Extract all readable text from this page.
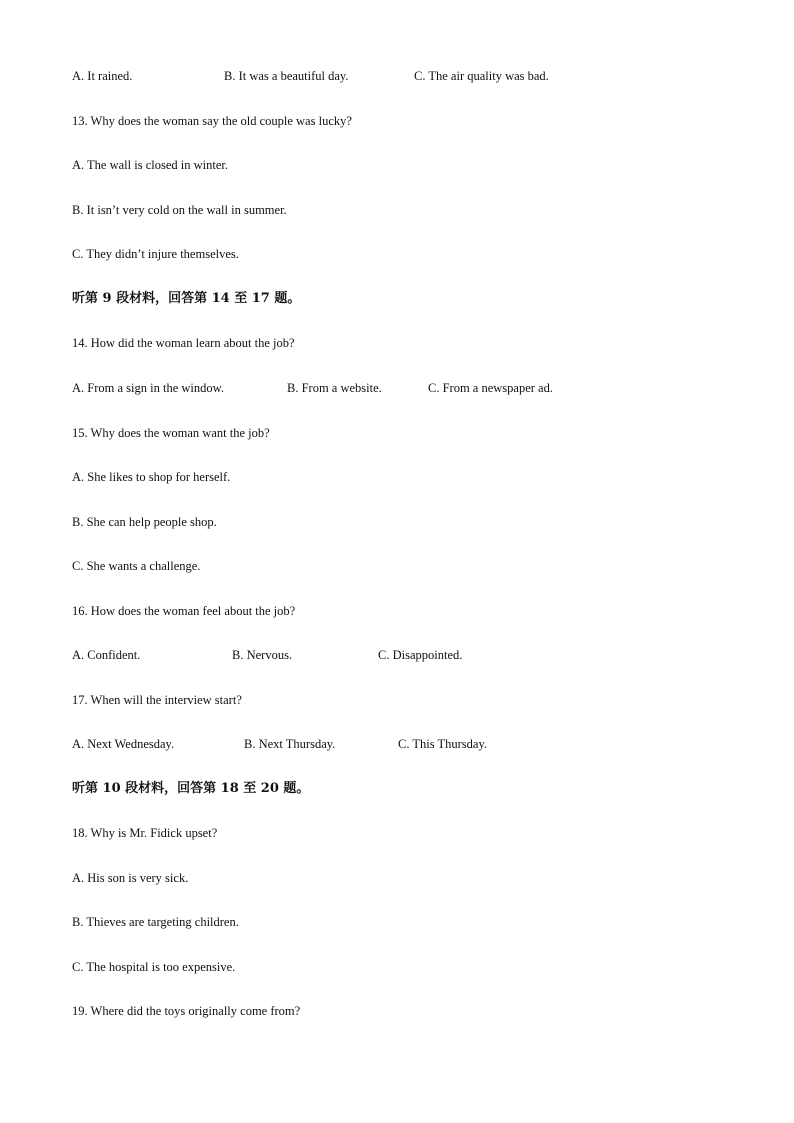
A. It rained.	B. It was a beautiful day.	C. The air quality was bad.
13. Why does the woman say the old couple was lucky?
A. The wall is closed in winter.
B. It isn’t very cold on the wall in summer.
C. They didn’t injure themselves.
听第 9 段材料，回答第 14 至 17 题。
14. How did the woman learn about the job?
A. From a sign in the window.	B. From a website.	C. From a newspaper ad.
15. Why does the woman want the job?
A. She likes to shop for herself.
B. She can help people shop.
C. She wants a challenge.
16. How does the woman feel about the job?
A. Confident.	B. Nervous.	C. Disappointed.
17. When will the interview start?
A. Next Wednesday.	B. Next Thursday.	C. This Thursday.
听第 10 段材料，回答第 18 至 20 题。
18. Why is Mr. Fidick upset?
A. His son is very sick.
B. Thieves are targeting children.
C. The hospital is too expensive.
19. Where did the toys originally come from?
